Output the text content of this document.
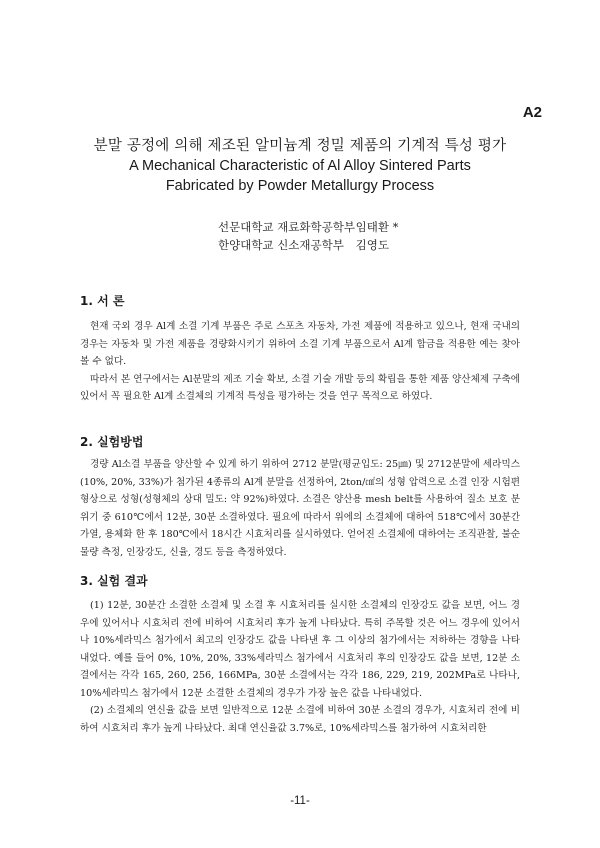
A2
분말 공정에 의해 제조된 알미늄계 정밀 제품의 기계적 특성 평가
A Mechanical Characteristic of Al Alloy Sintered Parts
Fabricated by Powder Metallurgy Process
선문대학교 재료화학공학부 임태환 *
한양대학교 신소재공학부 김영도
1. 서 론

현재 국외 경우 Al계 소결 기계 부품은 주로 스포츠 자동차, 가전 제품에 적용하고 있으나, 현재 국내의 경우는 자동차 및 가전 제품을 경량화시키기 위하여 소결 기계 부품으로서 Al계 합금을 적용한 예는 찾아볼 수 없다.

따라서 본 연구에서는 Al분말의 제조 기술 확보, 소결 기술 개발 등의 확립을 통한 제품 양산체제 구축에 있어서 꼭 필요한 Al계 소결체의 기계적 특성을 평가하는 것을 연구 목적으로 하였다.

2. 실험방법

경량 Al소결 부품을 양산할 수 있게 하기 위하여 2712 분말(평균입도: 25㎛) 및 2712분말에 세라믹스(10%, 20%, 33%)가 첨가된 4종류의 Al계 분말을 선정하여, 2ton/㎠의 성형 압력으로 소결 인장 시험편 형상으로 성형(성형체의 상대 밀도: 약 92%)하였다. 소결은 양산용 mesh belt를 사용하여 질소 보호 분위기 중 610℃에서 12분, 30분 소결하였다. 필요에 따라서 위에의 소결체에 대하여 518℃에서 30분간 가열, 용체화 한 후 180℃에서 18시간 시효처리를 실시하였다. 얻어진 소결체에 대하여는 조직관찰, 불순물량 측정, 인장강도, 신율, 경도 등을 측정하였다.

3. 실험 결과

(1) 12분, 30분간 소결한 소결체 및 소결 후 시효처리를 실시한 소결체의 인장강도 값을 보면, 어느 경우에 있어서나 시효처리 전에 비하여 시효처리 후가 높게 나타났다. 특히 주목할 것은 어느 경우에 있어서나 10%세라믹스 첨가에서 최고의 인장강도 값을 나타낸 후 그 이상의 첨가에서는 저하하는 경향을 나타내었다. 예를 들어 0%, 10%, 20%, 33%세라믹스 첨가에서 시효처리 후의 인장강도 값을 보면, 12분 소결에서는 각각 165, 260, 256, 166MPa, 30분 소결에서는 각각 186, 229, 219, 202MPa로 나타나, 10%세라믹스 첨가에서 12분 소결한 소결체의 경우가 가장 높은 값을 나타내었다.

(2) 소결체의 연신율 값을 보면 일반적으로 12분 소결에 비하여 30분 소결의 경우가, 시효처리 전에 비하여 시효처리 후가 높게 나타났다. 최대 연신율값 3.7%로, 10%세라믹스를 첨가하여 시효처리한

-11-
